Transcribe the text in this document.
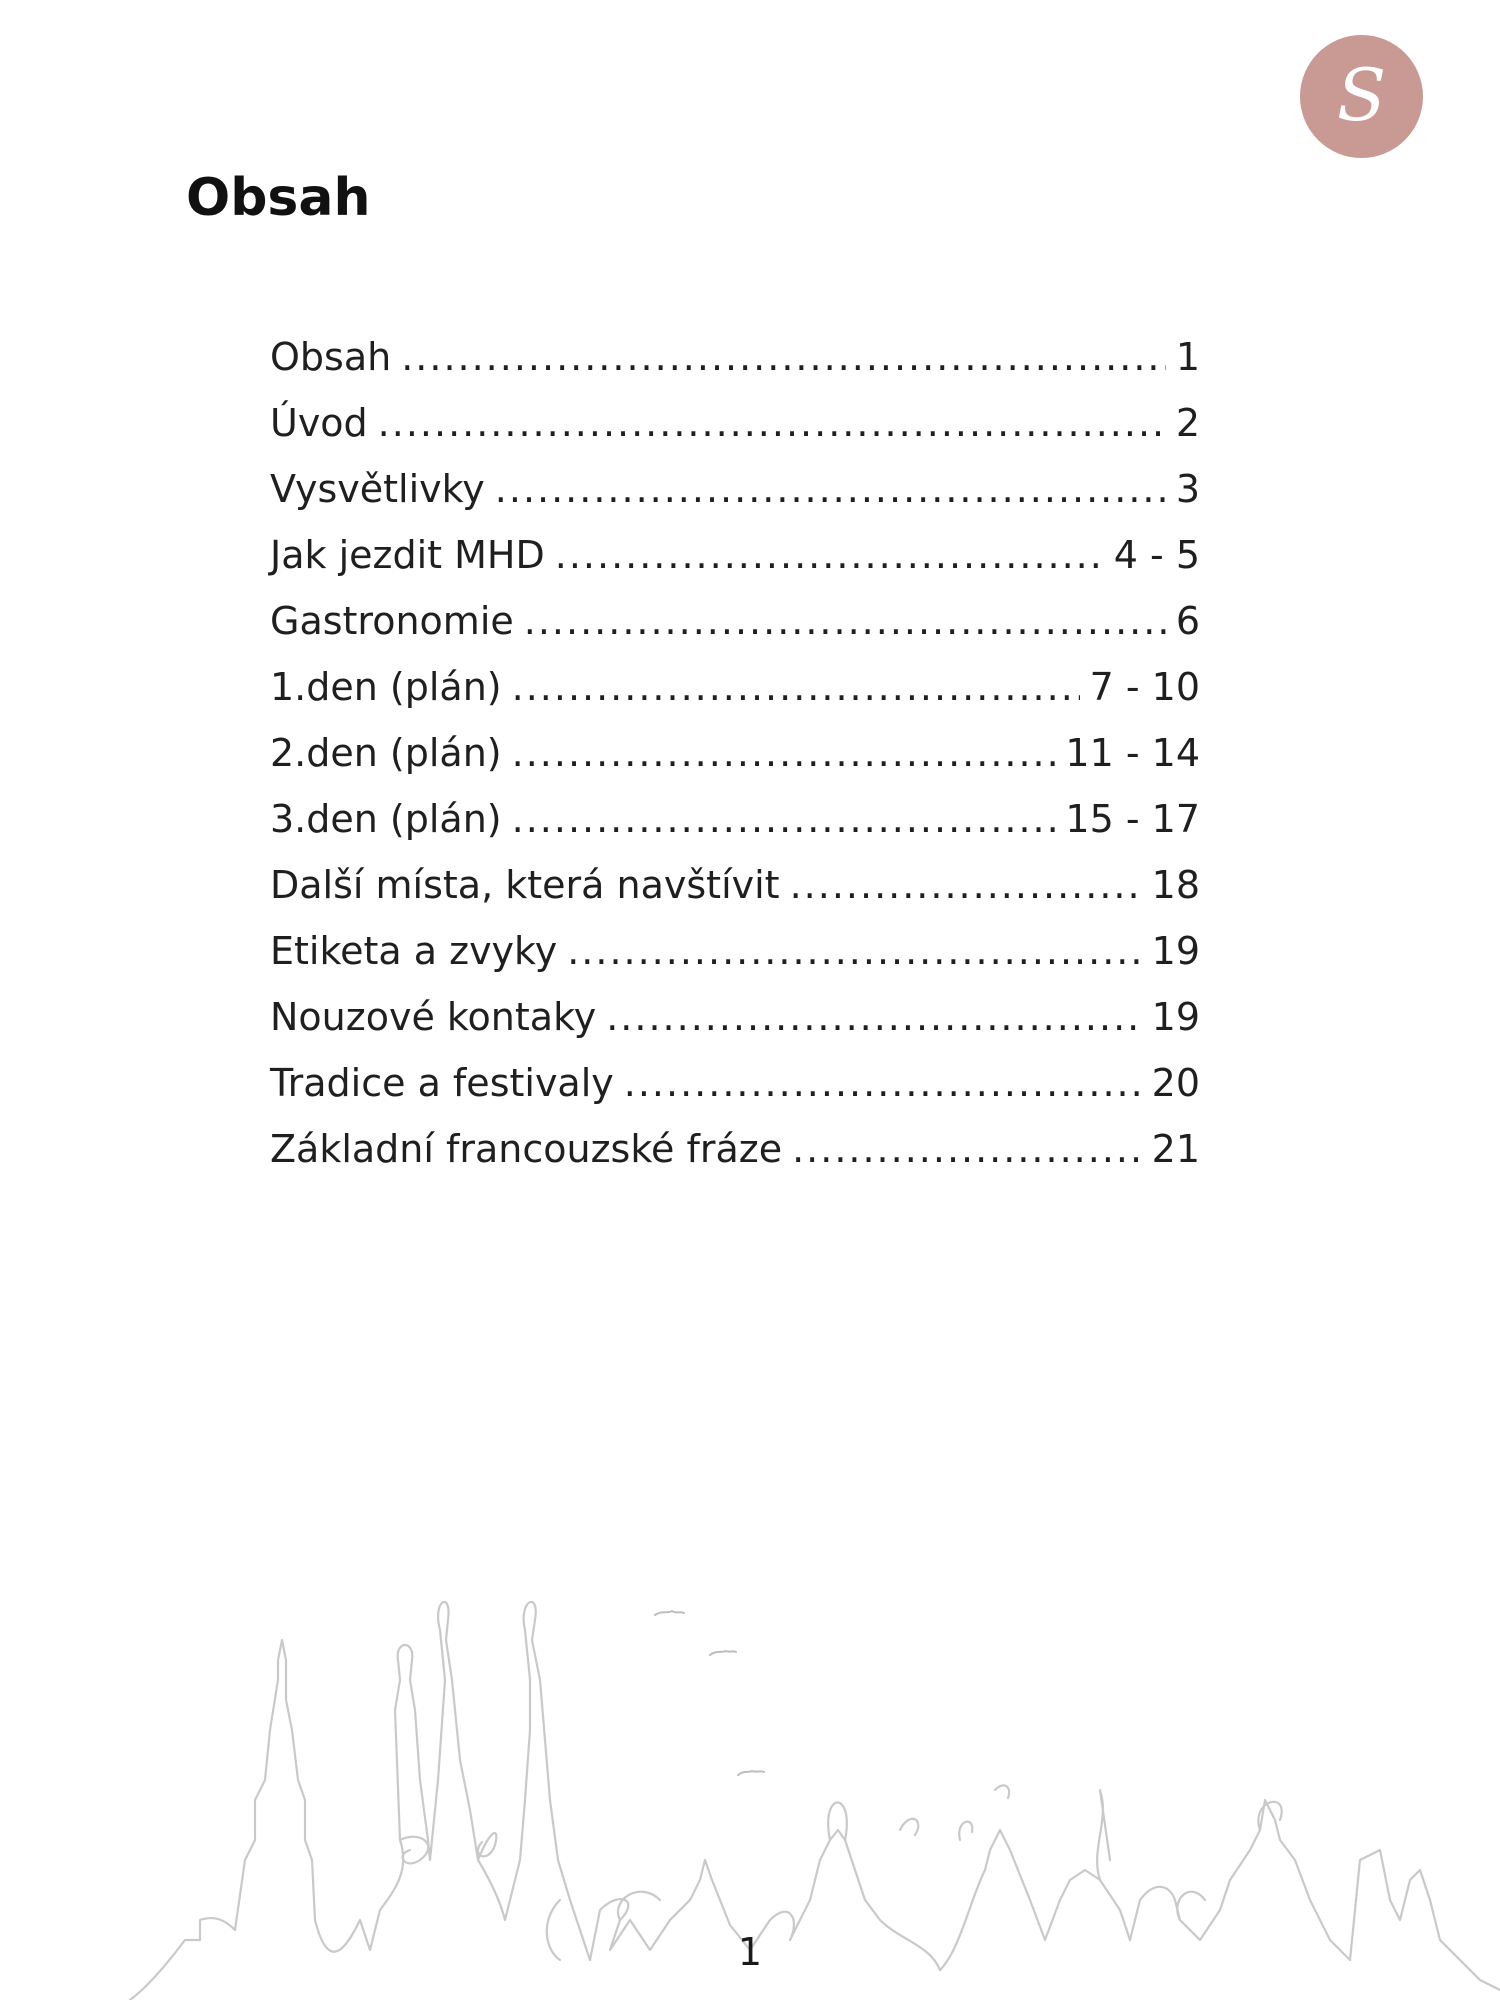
S
Obsah
Obsah .....	1
Úvod .....	2
Vysvětlivky .....	3
Jak jezdit MHD .....	4 - 5
Gastronomie .....	6
1.den (plán) .....	7 - 10
2.den (plán) .....	11 - 14
3.den (plán) .....	15 - 17
Další místa, která navštívit .....	18
Etiketa a zvyky .....	19
Nouzové kontaky .....	19
Tradice a festivaly .....	20
Základní francouzské fráze .....	21
1
